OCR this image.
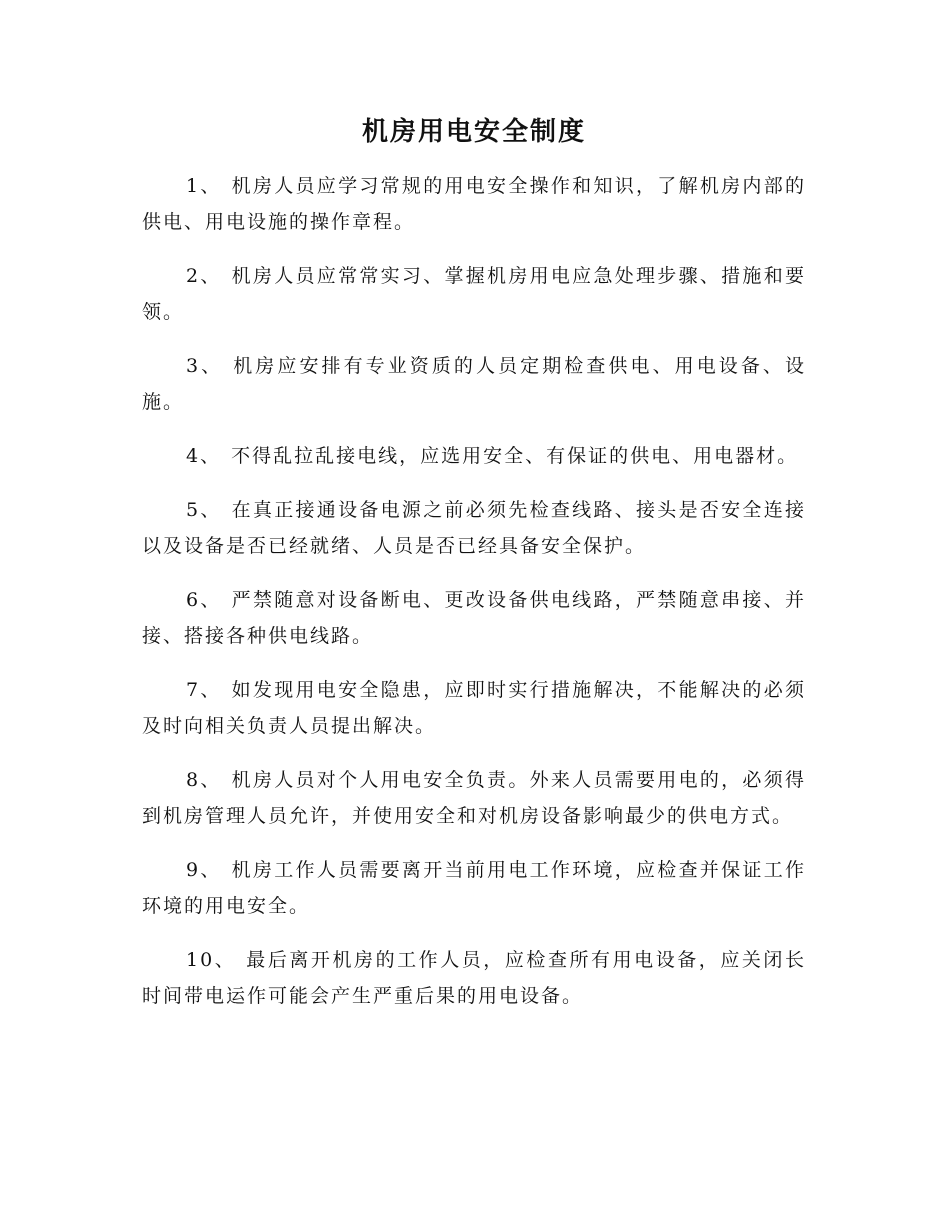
机房用电安全制度

1、 机房人员应学习常规的用电安全操作和知识，了解机房内部的供电、用电设施的操作章程。

2、 机房人员应常常实习、掌握机房用电应急处理步骤、措施和要领。

3、 机房应安排有专业资质的人员定期检查供电、用电设备、设施。

4、 不得乱拉乱接电线，应选用安全、有保证的供电、用电器材。

5、 在真正接通设备电源之前必须先检查线路、接头是否安全连接以及设备是否已经就绪、人员是否已经具备安全保护。

6、 严禁随意对设备断电、更改设备供电线路，严禁随意串接、并接、搭接各种供电线路。

7、 如发现用电安全隐患，应即时实行措施解决，不能解决的必须及时向相关负责人员提出解决。

8、 机房人员对个人用电安全负责。外来人员需要用电的，必须得到机房管理人员允许，并使用安全和对机房设备影响最少的供电方式。

9、 机房工作人员需要离开当前用电工作环境，应检查并保证工作环境的用电安全。

10、 最后离开机房的工作人员，应检查所有用电设备，应关闭长时间带电运作可能会产生严重后果的用电设备。
